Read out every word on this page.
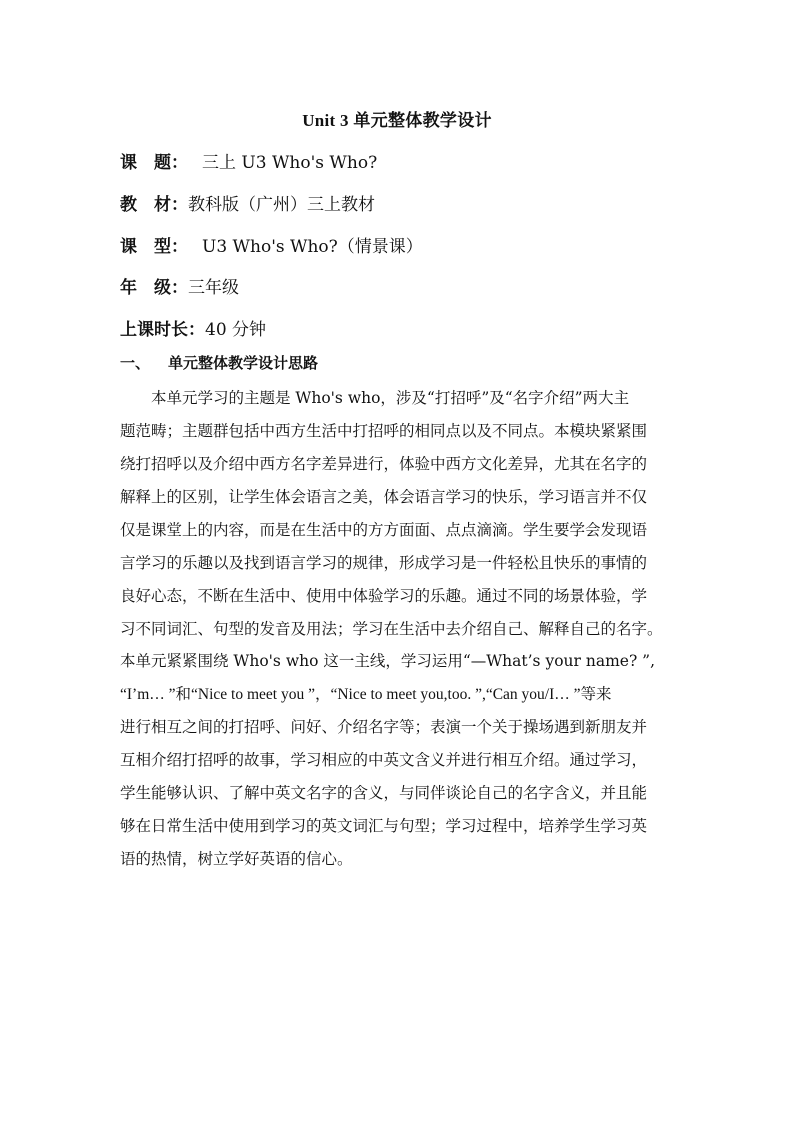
Unit 3 单元整体教学设计
课　题： 三上 U3 Who's Who?
教　材：教科版（广州）三上教材
课　型：U3 Who's Who?（情景课）
年　级：三年级
上课时长：40 分钟
一、 单元整体教学设计思路
本单元学习的主题是 Who's who，涉及“打招呼”及“名字介绍”两大主
题范畴；主题群包括中西方生活中打招呼的相同点以及不同点。本模块紧紧围
绕打招呼以及介绍中西方名字差异进行，体验中西方文化差异，尤其在名字的
解释上的区别，让学生体会语言之美，体会语言学习的快乐，学习语言并不仅
仅是课堂上的内容，而是在生活中的方方面面、点点滴滴。学生要学会发现语
言学习的乐趣以及找到语言学习的规律，形成学习是一件轻松且快乐的事情的
良好心态，不断在生活中、使用中体验学习的乐趣。通过不同的场景体验，学
习不同词汇、句型的发音及用法；学习在生活中去介绍自己、解释自己的名字。
本单元紧紧围绕 Who's who 这一主线，学习运用“—What’s your name? ”,
“I’m… ”和“Nice to meet you ”，“Nice to meet you,too. ”,“Can you/I… ”等来
进行相互之间的打招呼、问好、介绍名字等；表演一个关于操场遇到新朋友并
互相介绍打招呼的故事，学习相应的中英文含义并进行相互介绍。通过学习，
学生能够认识、了解中英文名字的含义，与同伴谈论自己的名字含义，并且能
够在日常生活中使用到学习的英文词汇与句型；学习过程中，培养学生学习英
语的热情，树立学好英语的信心。
